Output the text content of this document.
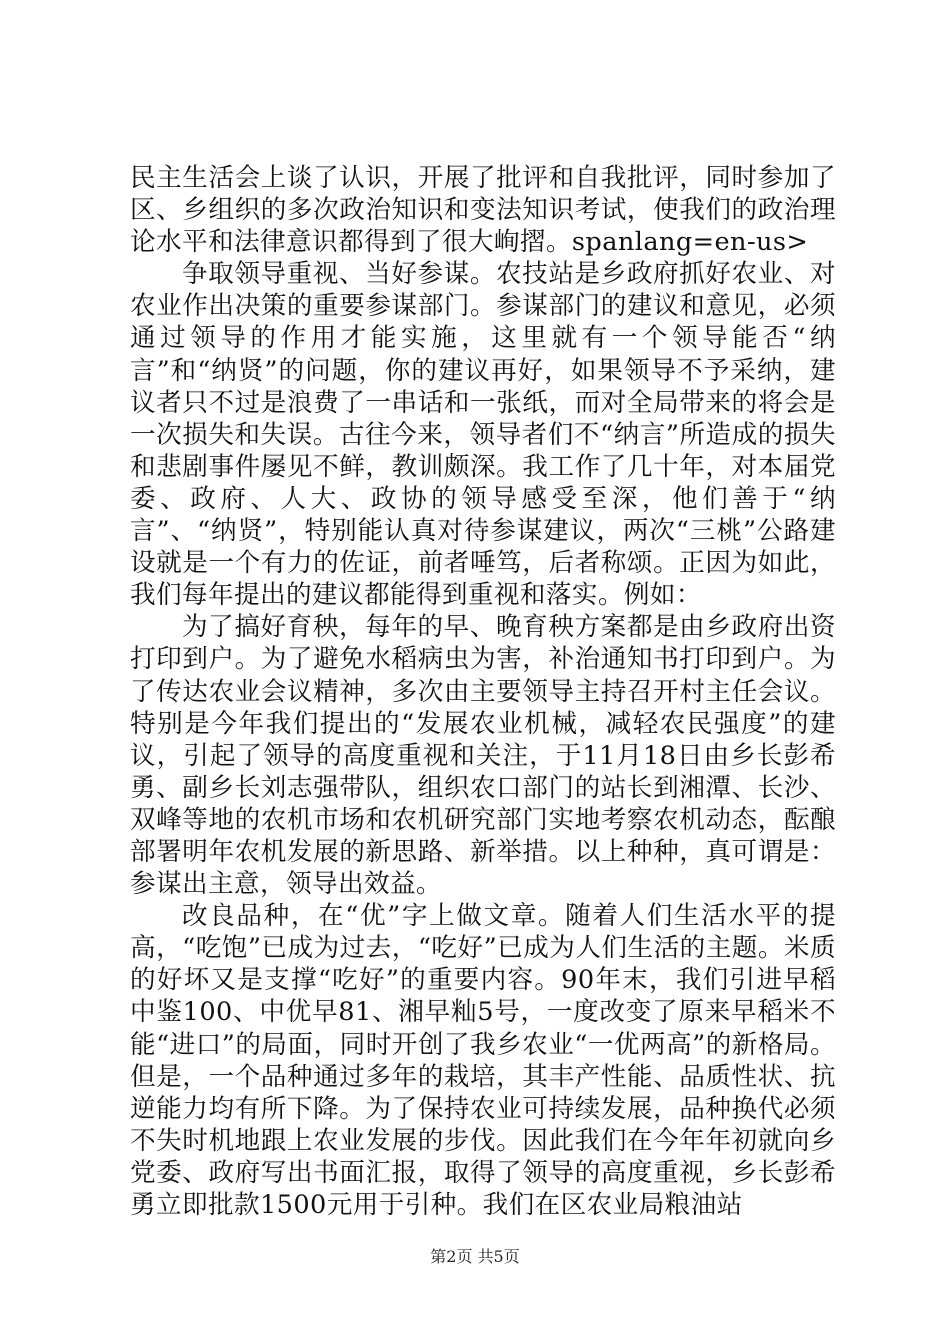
民主生活会上谈了认识，开展了批评和自我批评，同时参加了区、乡组织的多次政治知识和变法知识考试，使我们的政治理论水平和法律意识都得到了很大峋摺。spanlang=en-us>

争取领导重视、当好参谋。农技站是乡政府抓好农业、对农业作出决策的重要参谋部门。参谋部门的建议和意见，必须通过领导的作用才能实施，这里就有一个领导能否“纳言”和“纳贤”的问题，你的建议再好，如果领导不予采纳，建议者只不过是浪费了一串话和一张纸，而对全局带来的将会是一次损失和失误。古往今来，领导者们不“纳言”所造成的损失和悲剧事件屡见不鲜，教训颇深。我工作了几十年，对本届党委、政府、人大、政协的领导感受至深，他们善于“纳言”、“纳贤”，特别能认真对待参谋建议，两次“三桃”公路建设就是一个有力的佐证，前者唾笃，后者称颂。正因为如此，我们每年提出的建议都能得到重视和落实。例如：

为了搞好育秧，每年的早、晚育秧方案都是由乡政府出资打印到户。为了避免水稻病虫为害，补治通知书打印到户。为了传达农业会议精神，多次由主要领导主持召开村主任会议。特别是今年我们提出的“发展农业机械，减轻农民强度”的建议，引起了领导的高度重视和关注，于11月18日由乡长彭希勇、副乡长刘志强带队，组织农口部门的站长到湘潭、长沙、双峰等地的农机市场和农机研究部门实地考察农机动态，酝酿部署明年农机发展的新思路、新举措。以上种种，真可谓是：参谋出主意，领导出效益。

改良品种，在“优”字上做文章。随着人们生活水平的提高，“吃饱”已成为过去，“吃好”已成为人们生活的主题。米质的好坏又是支撑“吃好”的重要内容。90年末，我们引进早稻中鉴100、中优早81、湘早籼5号，一度改变了原来早稻米不能“进口”的局面，同时开创了我乡农业“一优两高”的新格局。但是，一个品种通过多年的栽培，其丰产性能、品质性状、抗逆能力均有所下降。为了保持农业可持续发展，品种换代必须不失时机地跟上农业发展的步伐。因此我们在今年年初就向乡党委、政府写出书面汇报，取得了领导的高度重视，乡长彭希勇立即批款1500元用于引种。我们在区农业局粮油站

第2页 共5页
